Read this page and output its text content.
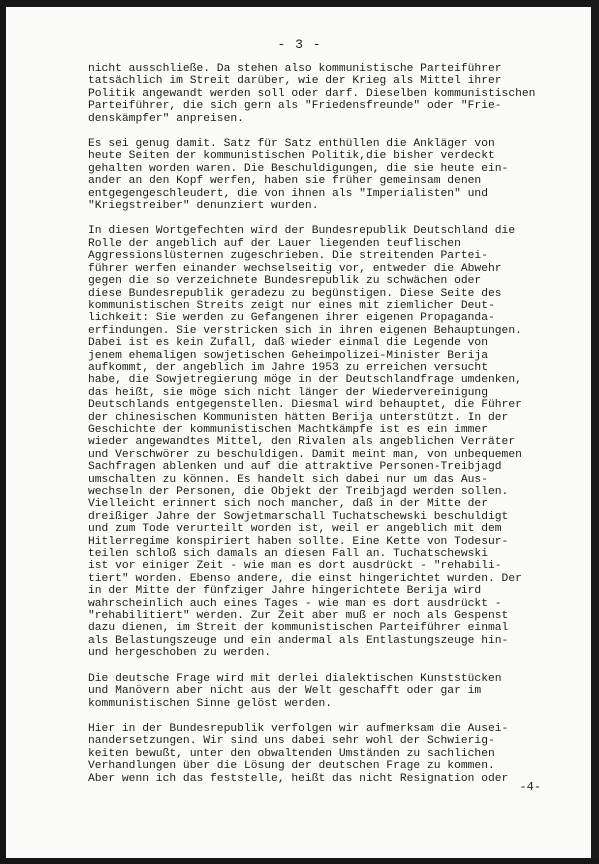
- 3 -
nicht ausschließe. Da stehen also kommunistische Parteiführer
tatsächlich im Streit darüber, wie der Krieg als Mittel ihrer
Politik angewandt werden soll oder darf. Dieselben kommunistischen
Parteiführer, die sich gern als "Friedensfreunde" oder "Frie-
denskämpfer" anpreisen.
Es sei genug damit. Satz für Satz enthüllen die Ankläger von
heute Seiten der kommunistischen Politik,die bisher verdeckt
gehalten worden waren. Die Beschuldigungen, die sie heute ein-
ander an den Kopf werfen, haben sie früher gemeinsam denen
entgegengeschleudert, die von ihnen als "Imperialisten" und
"Kriegstreiber" denunziert wurden.
In diesen Wortgefechten wird der Bundesrepublik Deutschland die
Rolle der angeblich auf der Lauer liegenden teuflischen
Aggressionslüsternen zugeschrieben. Die streitenden Partei-
führer werfen einander wechselseitig vor, entweder die Abwehr
gegen die so verzeichnete Bundesrepublik zu schwächen oder
diese Bundesrepublik geradezu zu begünstigen. Diese Seite des
kommunistischen Streits zeigt nur eines mit ziemlicher Deut-
lichkeit: Sie werden zu Gefangenen ihrer eigenen Propaganda-
erfindungen. Sie verstricken sich in ihren eigenen Behauptungen.
Dabei ist es kein Zufall, daß wieder einmal die Legende von
jenem ehemaligen sowjetischen Geheimpolizei-Minister Berija
aufkommt, der angeblich im Jahre 1953 zu erreichen versucht
habe, die Sowjetregierung möge in der Deutschlandfrage umdenken,
das heißt, sie möge sich nicht länger der Wiedervereinigung
Deutschlands entgegenstellen. Diesmal wird behauptet, die Führer
der chinesischen Kommunisten hätten Berija unterstützt. In der
Geschichte der kommunistischen Machtkämpfe ist es ein immer
wieder angewandtes Mittel, den Rivalen als angeblichen Verräter
und Verschwörer zu beschuldigen. Damit meint man, von unbequemen
Sachfragen ablenken und auf die attraktive Personen-Treibjagd
umschalten zu können. Es handelt sich dabei nur um das Aus-
wechseln der Personen, die Objekt der Treibjagd werden sollen.
Vielleicht erinnert sich noch mancher, daß in der Mitte der
dreißiger Jahre der Sowjetmarschall Tuchatschewski beschuldigt
und zum Tode verurteilt worden ist, weil er angeblich mit dem
Hitlerregime konspiriert haben sollte. Eine Kette von Todesur-
teilen schloß sich damals an diesen Fall an. Tuchatschewski
ist vor einiger Zeit - wie man es dort ausdrückt - "rehabili-
tiert" worden. Ebenso andere, die einst hingerichtet wurden. Der
in der Mitte der fünfziger Jahre hingerichtete Berija wird
wahrscheinlich auch eines Tages - wie man es dort ausdrückt -
"rehabilitiert" werden. Zur Zeit aber muß er noch als Gespenst
dazu dienen, im Streit der kommunistischen Parteiführer einmal
als Belastungszeuge und ein andermal als Entlastungszeuge hin-
und hergeschoben zu werden.
Die deutsche Frage wird mit derlei dialektischen Kunststücken
und Manövern aber nicht aus der Welt geschafft oder gar im
kommunistischen Sinne gelöst werden.
Hier in der Bundesrepublik verfolgen wir aufmerksam die Ausei-
nandersetzungen. Wir sind uns dabei sehr wohl der Schwierig-
keiten bewußt, unter den obwaltenden Umständen zu sachlichen
Verhandlungen über die Lösung der deutschen Frage zu kommen.
Aber wenn ich das feststelle, heißt das nicht Resignation oder
-4-
